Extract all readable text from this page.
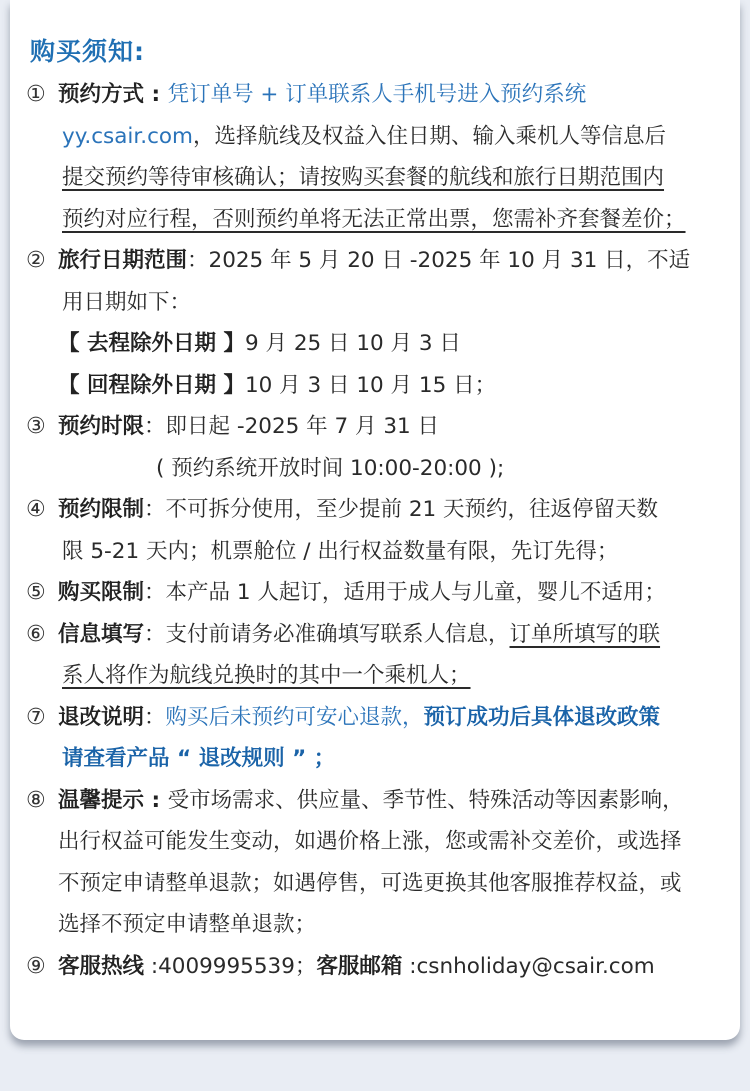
购买须知:
① 预约方式 : 凭订单号 + 订单联系人手机号进入预约系统
yy.csair.com，选择航线及权益入住日期、输入乘机人等信息后
提交预约等待审核确认；请按购买套餐的航线和旅行日期范围内
预约对应行程，否则预约单将无法正常出票，您需补齐套餐差价；
② 旅行日期范围：2025 年 5 月 20 日 -2025 年 10 月 31 日，不适
用日期如下：
【 去程除外日期 】9 月 25 日 10 月 3 日
【 回程除外日期 】10 月 3 日 10 月 15 日；
③ 预约时限：即日起 -2025 年 7 月 31 日
( 预约系统开放时间 10:00-20:00 );
④ 预约限制：不可拆分使用，至少提前 21 天预约，往返停留天数
限 5-21 天内；机票舱位 / 出行权益数量有限，先订先得；
⑤ 购买限制：本产品 1 人起订，适用于成人与儿童，婴儿不适用；
⑥ 信息填写：支付前请务必准确填写联系人信息，订单所填写的联
系人将作为航线兑换时的其中一个乘机人；
⑦ 退改说明：购买后未预约可安心退款，预订成功后具体退改政策
请查看产品 “ 退改规则 ” ；
⑧ 温馨提示 : 受市场需求、供应量、季节性、特殊活动等因素影响，
出行权益可能发生变动，如遇价格上涨，您或需补交差价，或选择
不预定申请整单退款；如遇停售，可选更换其他客服推荐权益，或
选择不预定申请整单退款；
⑨ 客服热线 :4009995539；客服邮箱 :csnholiday@csair.com
